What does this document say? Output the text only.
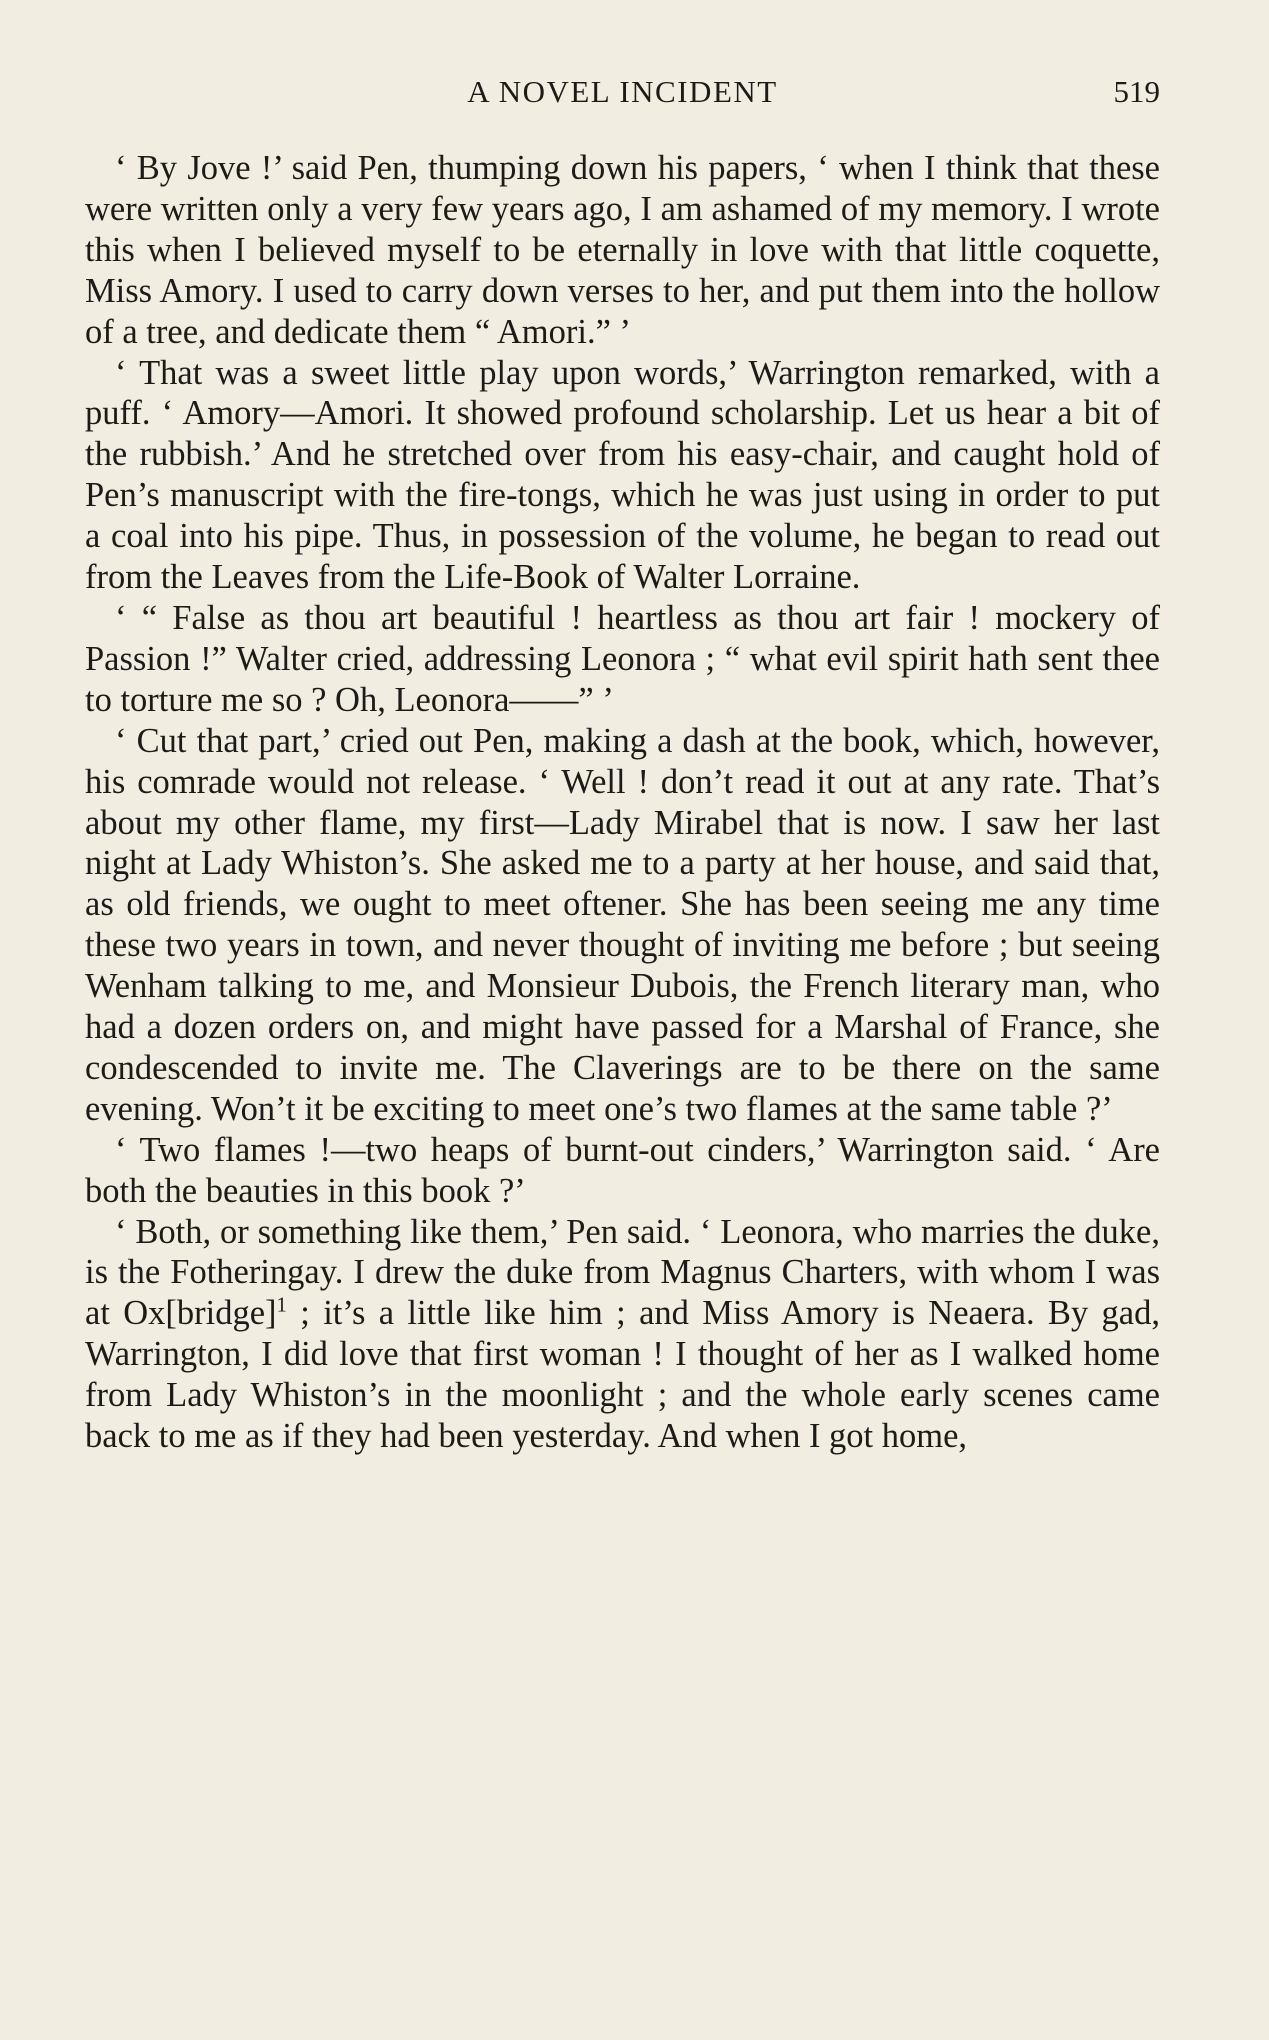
A NOVEL INCIDENT	519

‘ By Jove !’ said Pen, thumping down his papers, ‘ when I think that these were written only a very few years ago, I am ashamed of my memory. I wrote this when I believed myself to be eternally in love with that little coquette, Miss Amory. I used to carry down verses to her, and put them into the hollow of a tree, and dedicate them “ Amori.” ’

‘ That was a sweet little play upon words,’ Warrington remarked, with a puff. ‘ Amory—Amori. It showed profound scholarship. Let us hear a bit of the rubbish.’ And he stretched over from his easy-chair, and caught hold of Pen’s manuscript with the fire-tongs, which he was just using in order to put a coal into his pipe. Thus, in possession of the volume, he began to read out from the Leaves from the Life-Book of Walter Lorraine.

‘ “ False as thou art beautiful ! heartless as thou art fair ! mockery of Passion !” Walter cried, addressing Leonora ; “ what evil spirit hath sent thee to torture me so ? Oh, Leonora——” ’

‘ Cut that part,’ cried out Pen, making a dash at the book, which, however, his comrade would not release. ‘ Well ! don’t read it out at any rate. That’s about my other flame, my first—Lady Mirabel that is now. I saw her last night at Lady Whiston’s. She asked me to a party at her house, and said that, as old friends, we ought to meet oftener. She has been seeing me any time these two years in town, and never thought of inviting me before ; but seeing Wenham talking to me, and Monsieur Dubois, the French literary man, who had a dozen orders on, and might have passed for a Marshal of France, she condescended to invite me. The Claverings are to be there on the same evening. Won’t it be exciting to meet one’s two flames at the same table ?’

‘ Two flames !—two heaps of burnt-out cinders,’ Warrington said. ‘ Are both the beauties in this book ?’

‘ Both, or something like them,’ Pen said. ‘ Leonora, who marries the duke, is the Fotheringay. I drew the duke from Magnus Charters, with whom I was at Ox[bridge]$^1$ ; it’s a little like him ; and Miss Amory is Neaera. By gad, Warrington, I did love that first woman ! I thought of her as I walked home from Lady Whiston’s in the moonlight ; and the whole early scenes came back to me as if they had been yesterday. And when I got home,
